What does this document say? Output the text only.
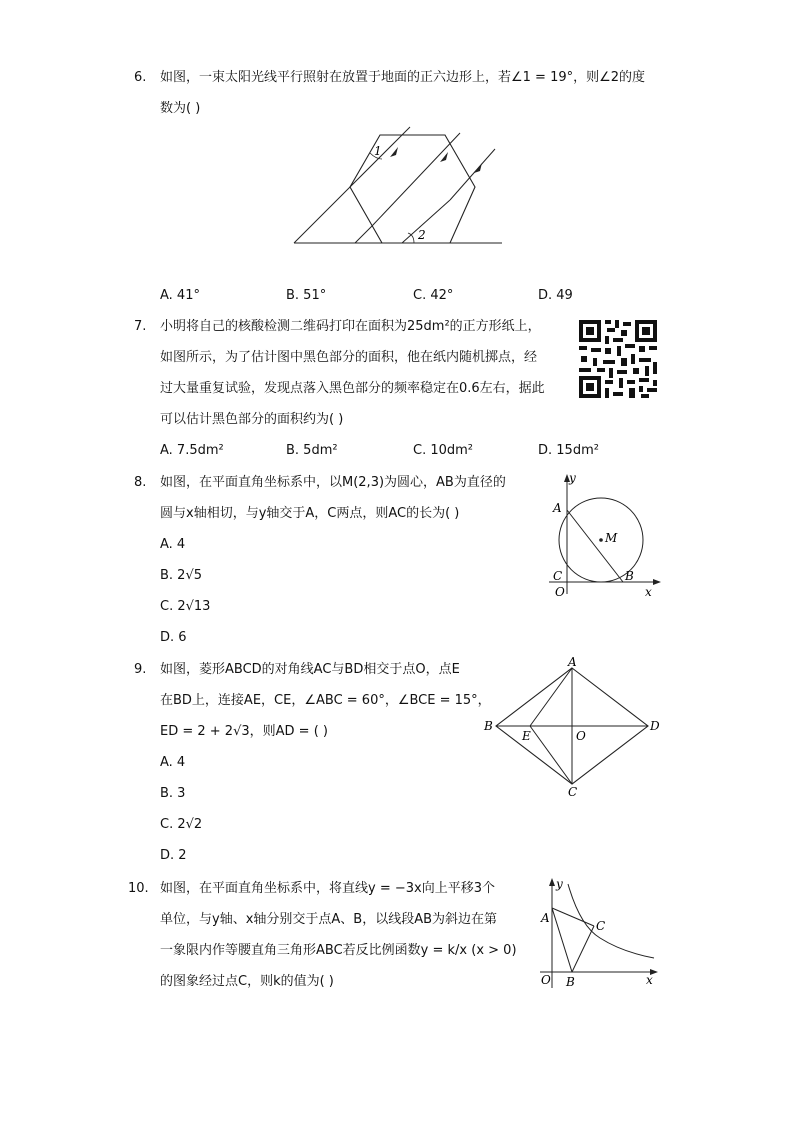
6.	如图，一束太阳光线平行照射在放置于地面的正六边形上，若∠1 = 19°，则∠2的度
数为( )
1
2
A. 41°	B. 51°	C. 42°	D. 49
7.	小明将自己的核酸检测二维码打印在面积为25dm²的正方形纸上，
如图所示，为了估计图中黑色部分的面积，他在纸内随机掷点，经
过大量重复试验，发现点落入黑色部分的频率稳定在0.6左右，据此
可以估计黑色部分的面积约为( )
A. 7.5dm²	B. 5dm²	C. 10dm²	D. 15dm²
8.	如图，在平面直角坐标系中，以M(2,3)为圆心，AB为直径的
圆与x轴相切，与y轴交于A，C两点，则AC的长为( )
A. 4
B. 2√5
C. 2√13
D. 6
y
x
A
M
C	B
O
9.	如图，菱形ABCD的对角线AC与BD相交于点O，点E
在BD上，连接AE，CE，∠ABC = 60°，∠BCE = 15°，
ED = 2 + 2√3，则AD = ( )
A. 4
B. 3
C. 2√2
D. 2
A
B
C
D
E	O
10. 如图，在平面直角坐标系中，将直线y = −3x向上平移3个
单位，与y轴、x轴分别交于点A、B，以线段AB为斜边在第
一象限内作等腰直角三角形ABC若反比例函数y = k/x (x > 0)
的图象经过点C，则k的值为( )
y
x
A
C
B
O
